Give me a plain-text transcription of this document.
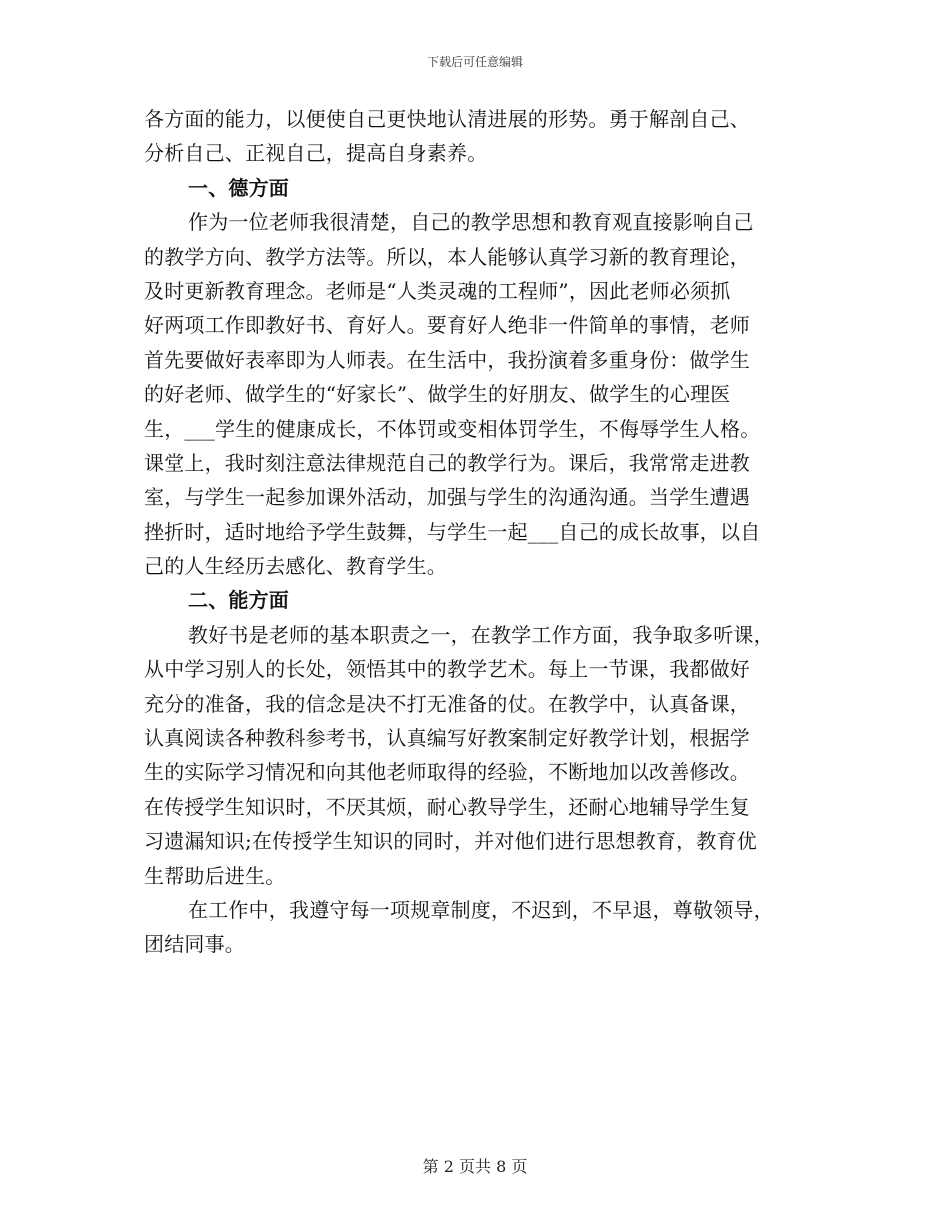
下载后可任意编辑
各方面的能力，以便使自己更快地认清进展的形势。勇于解剖自己、
分析自己、正视自己，提高自身素养。
一、德方面
作为一位老师我很清楚，自己的教学思想和教育观直接影响自己
的教学方向、教学方法等。所以，本人能够认真学习新的教育理论，
及时更新教育理念。老师是“人类灵魂的工程师”，因此老师必须抓
好两项工作即教好书、育好人。要育好人绝非一件简单的事情，老师
首先要做好表率即为人师表。在生活中，我扮演着多重身份：做学生
的好老师、做学生的“好家长”、做学生的好朋友、做学生的心理医
生，___学生的健康成长，不体罚或变相体罚学生，不侮辱学生人格。
课堂上，我时刻注意法律规范自己的教学行为。课后，我常常走进教
室，与学生一起参加课外活动，加强与学生的沟通沟通。当学生遭遇
挫折时，适时地给予学生鼓舞，与学生一起___自己的成长故事，以自
己的人生经历去感化、教育学生。
二、能方面
教好书是老师的基本职责之一，在教学工作方面，我争取多听课，
从中学习别人的长处，领悟其中的教学艺术。每上一节课，我都做好
充分的准备，我的信念是决不打无准备的仗。在教学中，认真备课，
认真阅读各种教科参考书，认真编写好教案制定好教学计划，根据学
生的实际学习情况和向其他老师取得的经验，不断地加以改善修改。
在传授学生知识时，不厌其烦，耐心教导学生，还耐心地辅导学生复
习遗漏知识;在传授学生知识的同时，并对他们进行思想教育，教育优
生帮助后进生。
在工作中，我遵守每一项规章制度，不迟到，不早退，尊敬领导，
团结同事。
第 2 页共 8 页
